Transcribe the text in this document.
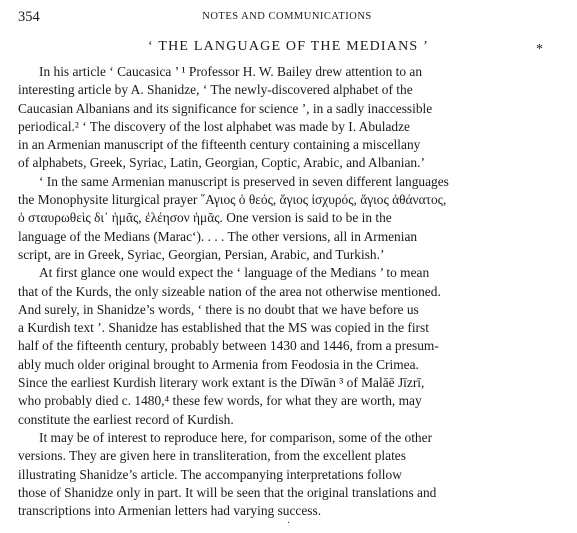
354	NOTES AND COMMUNICATIONS
‘ THE LANGUAGE OF THE MEDIANS ’	*
In his article ‘ Caucasica ’ ¹ Professor H. W. Bailey drew attention to an
interesting article by A. Shanidze, ‘ The newly-discovered alphabet of the
Caucasian Albanians and its significance for science ’, in a sadly inaccessible
periodical.² ‘ The discovery of the lost alphabet was made by I. Abuladze
in an Armenian manuscript of the fifteenth century containing a miscellany
of alphabets, Greek, Syriac, Latin, Georgian, Coptic, Arabic, and Albanian.’
‘ In the same Armenian manuscript is preserved in seven different languages
the Monophysite liturgical prayer ῞Αγιος ὁ θεός, ἅγιος ἰσχυρός, ἅγιος ἀθάνατος,
ὁ σταυρωθεὶς δι᾽ ἡμᾶς, ἐλέησον ἡμᾶς. One version is said to be in the
language of the Medians (Marac‘). . . . The other versions, all in Armenian
script, are in Greek, Syriac, Georgian, Persian, Arabic, and Turkish.’
At first glance one would expect the ‘ language of the Medians ’ to mean
that of the Kurds, the only sizeable nation of the area not otherwise mentioned.
And surely, in Shanidze’s words, ‘ there is no doubt that we have before us
a Kurdish text ’. Shanidze has established that the MS was copied in the first
half of the fifteenth century, probably between 1430 and 1446, from a presum-
ably much older original brought to Armenia from Feodosia in the Crimea.
Since the earliest Kurdish literary work extant is the Dīwān ³ of Malāē Jīzrī,
who probably died c. 1480,⁴ these few words, for what they are worth, may
constitute the earliest record of Kurdish.
It may be of interest to reproduce here, for comparison, some of the other
versions. They are given here in transliteration, from the excellent plates
illustrating Shanidze’s article. The accompanying interpretations follow
those of Shanidze only in part. It will be seen that the original translations and
transcriptions into Armenian letters had varying success.
·
